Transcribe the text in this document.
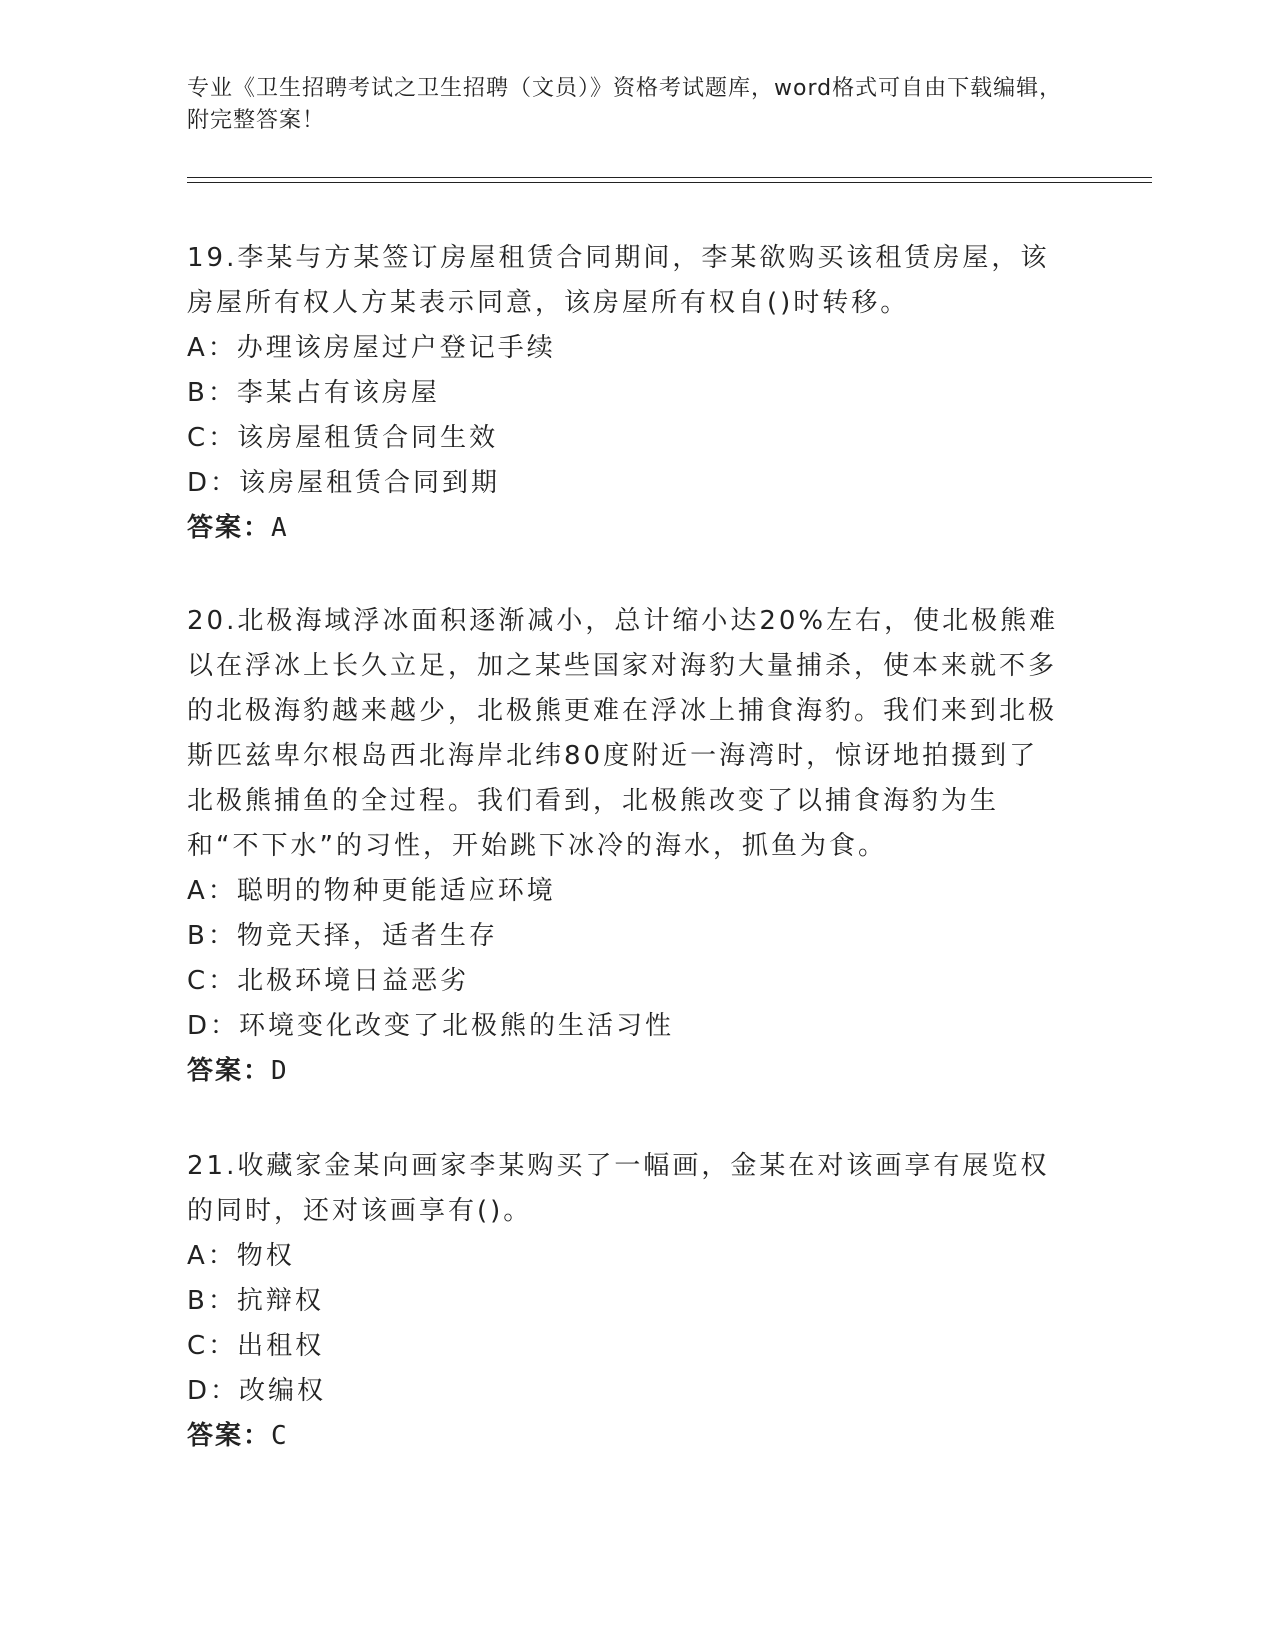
专业《卫生招聘考试之卫生招聘（文员）》资格考试题库，word格式可自由下载编辑，附完整答案！

19.李某与方某签订房屋租赁合同期间，李某欲购买该租赁房屋，该房屋所有权人方某表示同意，该房屋所有权自()时转移。

A：办理该房屋过户登记手续

B：李某占有该房屋

C：该房屋租赁合同生效

D：该房屋租赁合同到期

答案：A

20.北极海域浮冰面积逐渐减小，总计缩小达20%左右，使北极熊难以在浮冰上长久立足，加之某些国家对海豹大量捕杀，使本来就不多的北极海豹越来越少，北极熊更难在浮冰上捕食海豹。我们来到北极斯匹兹卑尔根岛西北海岸北纬80度附近一海湾时，惊讶地拍摄到了北极熊捕鱼的全过程。我们看到，北极熊改变了以捕食海豹为生和“不下水”的习性，开始跳下冰冷的海水，抓鱼为食。

A：聪明的物种更能适应环境

B：物竞天择，适者生存

C：北极环境日益恶劣

D：环境变化改变了北极熊的生活习性

答案：D

21.收藏家金某向画家李某购买了一幅画，金某在对该画享有展览权的同时，还对该画享有()。

A：物权

B：抗辩权

C：出租权

D：改编权

答案：C
